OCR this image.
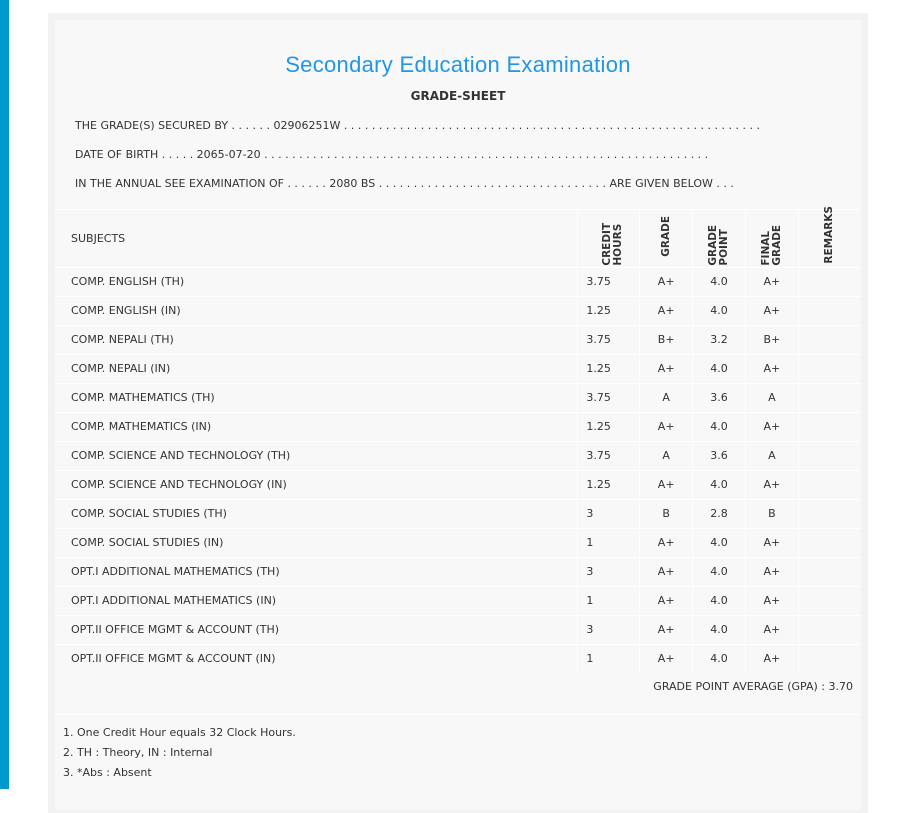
Secondary Education Examination
GRADE-SHEET
THE GRADE(S) SECURED BY . . . . . . 02906251W . . . . . . . . . . . . . . . . . . . . . . . . . . . . . . . . . . . . . . . . . . . . . . . . . . . . . . . . . . . .
DATE OF BIRTH . . . . . 2065-07-20 . . . . . . . . . . . . . . . . . . . . . . . . . . . . . . . . . . . . . . . . . . . . . . . . . . . . . . . . . . . . . . . .
IN THE ANNUAL SEE EXAMINATION OF . . . . . . 2080 BS . . . . . . . . . . . . . . . . . . . . . . . . . . . . . . . . . ARE GIVEN BELOW . . .
SUBJECTS	CREDIT HOURS	GRADE	GRADE POINT	FINAL GRADE	REMARKS
COMP. ENGLISH (TH)	3.75	A+	4.0	A+	
COMP. ENGLISH (IN)	1.25	A+	4.0	A+	
COMP. NEPALI (TH)	3.75	B+	3.2	B+	
COMP. NEPALI (IN)	1.25	A+	4.0	A+	
COMP. MATHEMATICS (TH)	3.75	A	3.6	A	
COMP. MATHEMATICS (IN)	1.25	A+	4.0	A+	
COMP. SCIENCE AND TECHNOLOGY (TH)	3.75	A	3.6	A	
COMP. SCIENCE AND TECHNOLOGY (IN)	1.25	A+	4.0	A+	
COMP. SOCIAL STUDIES (TH)	3	B	2.8	B	
COMP. SOCIAL STUDIES (IN)	1	A+	4.0	A+	
OPT.I ADDITIONAL MATHEMATICS (TH)	3	A+	4.0	A+	
OPT.I ADDITIONAL MATHEMATICS (IN)	1	A+	4.0	A+	
OPT.II OFFICE MGMT & ACCOUNT (TH)	3	A+	4.0	A+	
OPT.II OFFICE MGMT & ACCOUNT (IN)	1	A+	4.0	A+	
GRADE POINT AVERAGE (GPA) : 3.70
1. One Credit Hour equals 32 Clock Hours.
2. TH : Theory, IN : Internal
3. *Abs : Absent
